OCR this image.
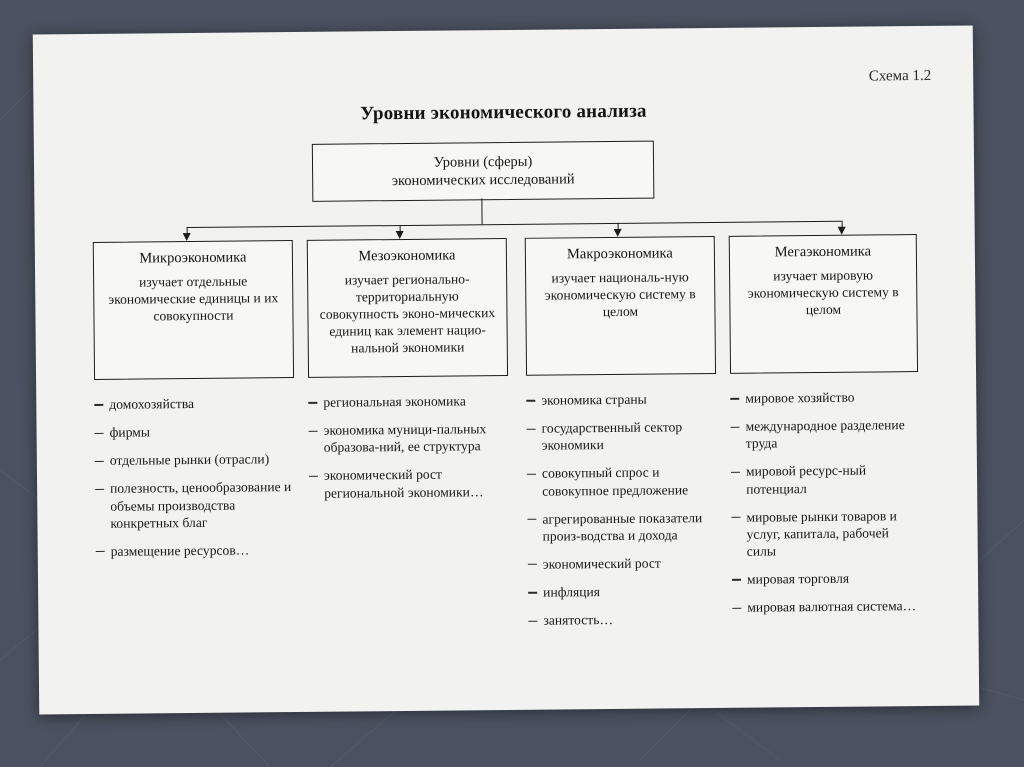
Схема 1.2
Уровни экономического анализа
Уровни (сферы)
экономических исследований
Микроэкономика
изучает отдельные экономические единицы и их совокупности
домохозяйства
фирмы
отдельные рынки (отрасли)
полезность, ценообразование и объемы производства конкретных благ
размещение ресурсов…
Мезоэкономика
изучает регионально-территориальную совокупность эконо-мических единиц как элемент нацио-нальной экономики
региональная экономика
экономика муници-пальных образова-ний, ее структура
экономический рост региональной экономики…
Макроэкономика
изучает националь-ную экономическую систему в целом
экономика страны
государственный сектор экономики
совокупный спрос и совокупное предложение
агрегированные показатели произ-водства и дохода
экономический рост
инфляция
занятость…
Мегаэкономика
изучает мировую экономическую систему в целом
мировое хозяйство
международное разделение труда
мировой ресурс-ный потенциал
мировые рынки товаров и услуг, капитала, рабочей силы
мировая торговля
мировая валютная система…
